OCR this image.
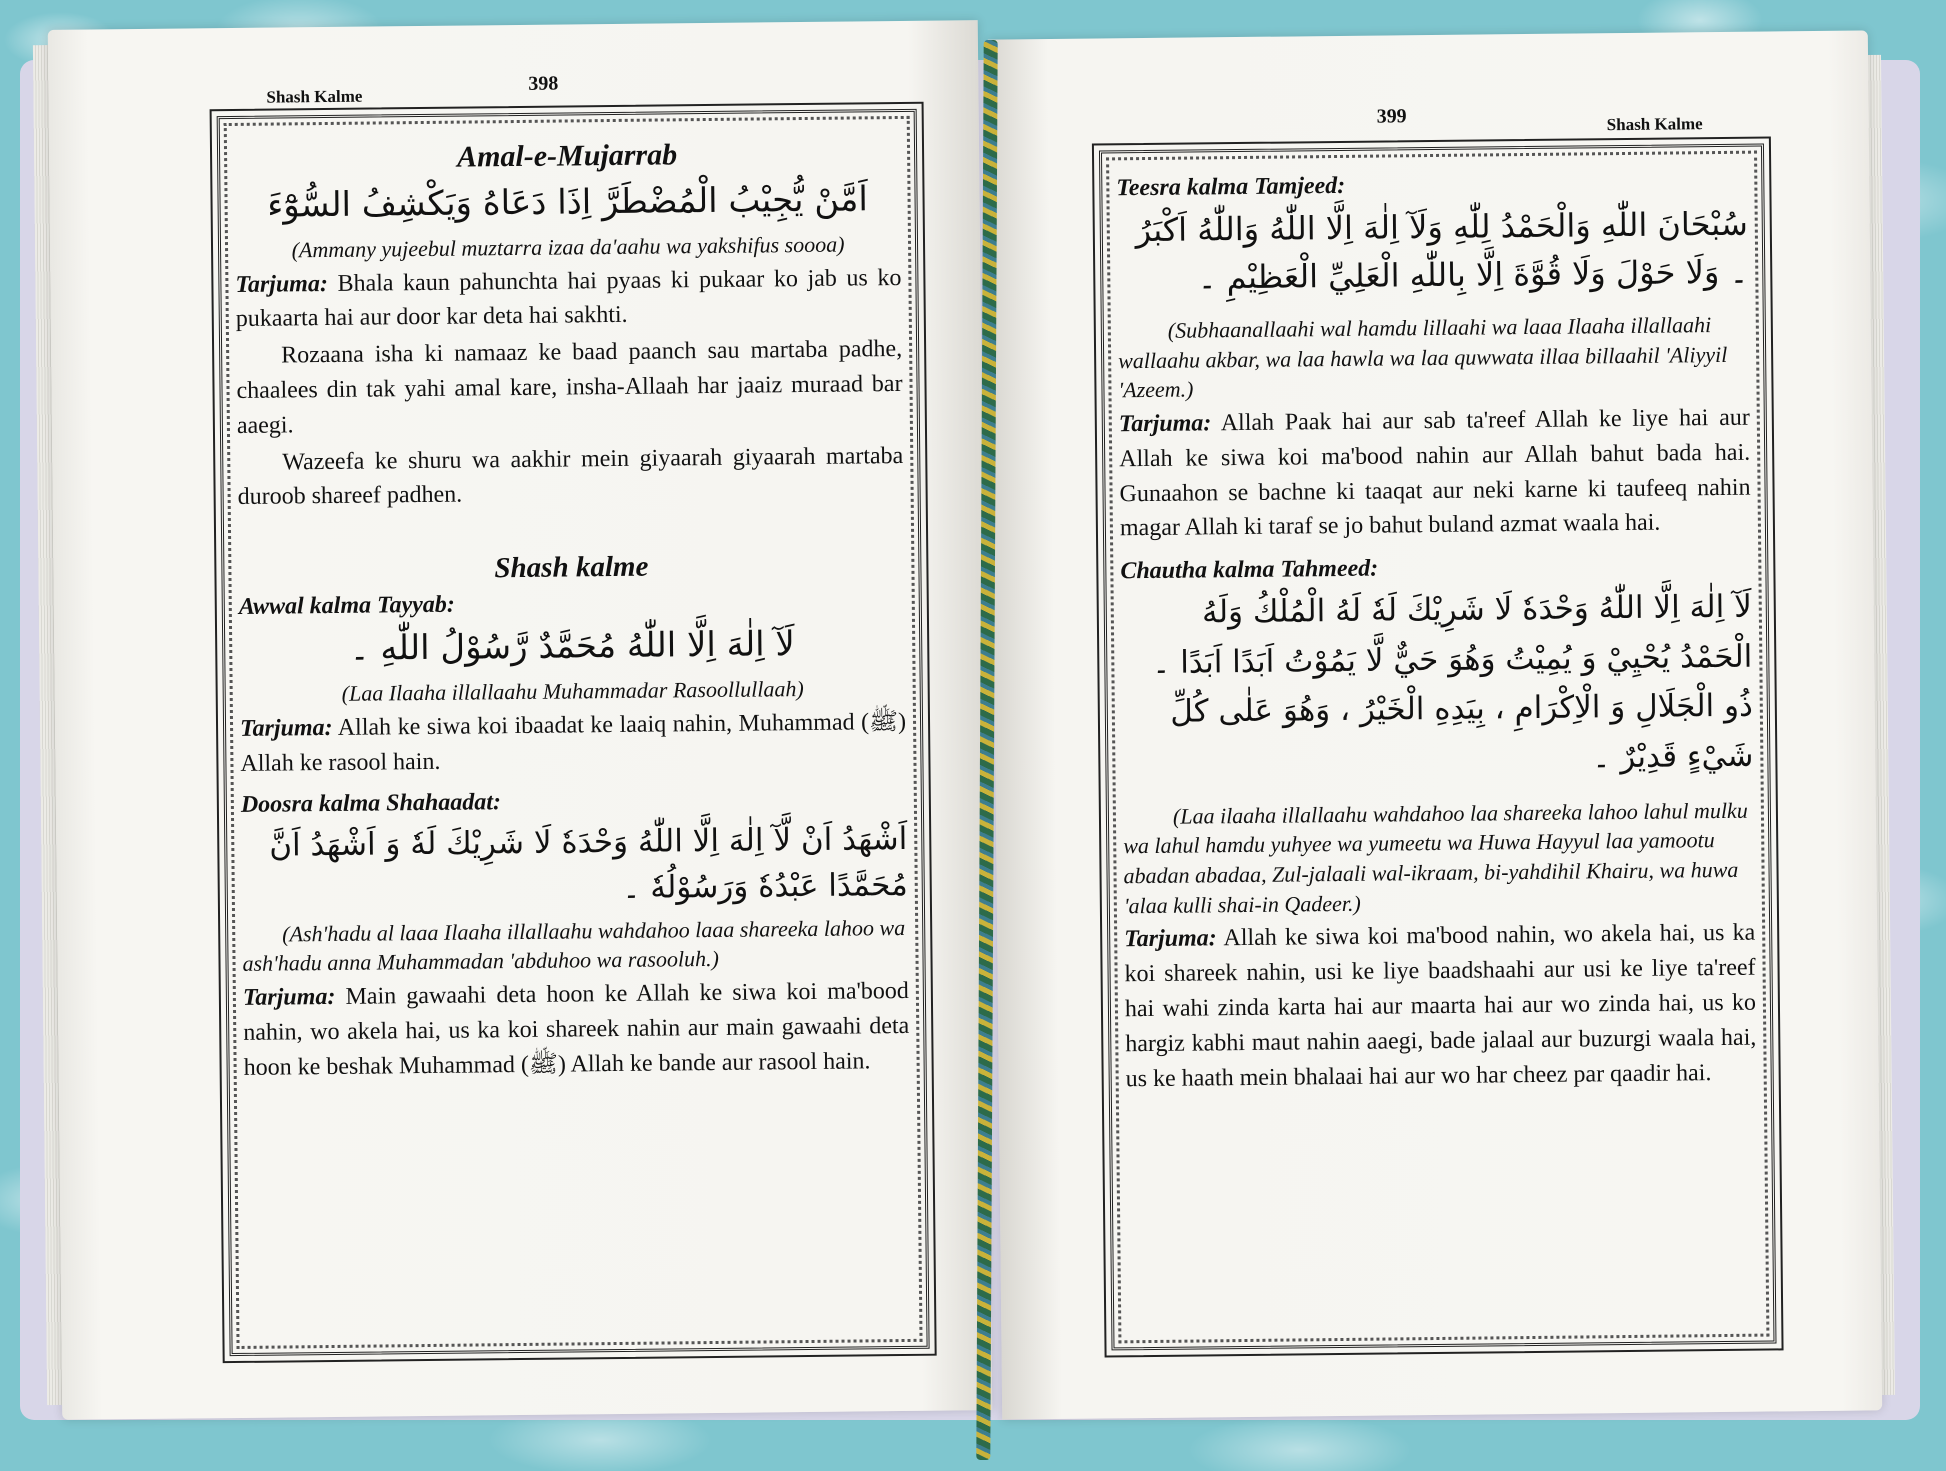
Shash Kalme
398

Amal-e-Mujarrab

اَمَّنْ يُّجِيْبُ الْمُضْطَرَّ اِذَا دَعَاهُ وَيَكْشِفُ السُّوْٓءَ

(Ammany yujeebul muztarra izaa da'aahu wa yakshifus soooa)

Tarjuma: Bhala kaun pahunchta hai pyaas ki pukaar ko jab us ko pukaarta hai aur door kar deta hai sakhti.

Rozaana isha ki namaaz ke baad paanch sau martaba padhe, chaalees din tak yahi amal kare, insha-Allaah har jaaiz muraad bar aaegi.

Wazeefa ke shuru wa aakhir mein giyaarah giyaarah martaba duroob shareef padhen.

Shash kalme

Awwal kalma Tayyab:

لَآ اِلٰهَ اِلَّا اللّٰهُ مُحَمَّدٌ رَّسُوْلُ اللّٰهِ ۔

(Laa Ilaaha illallaahu Muhammadar Rasoollullaah)

Tarjuma: Allah ke siwa koi ibaadat ke laaiq nahin, Muhammad (ﷺ) Allah ke rasool hain.

Doosra kalma Shahaadat:

اَشْهَدُ اَنْ لَّآ اِلٰهَ اِلَّا اللّٰهُ وَحْدَهٗ لَا شَرِيْكَ لَهٗ وَ اَشْهَدُ اَنَّ مُحَمَّدًا عَبْدُهٗ وَرَسُوْلُهٗ ۔

(Ash'hadu al laaa Ilaaha illallaahu wahdahoo laaa shareeka lahoo wa ash'hadu anna Muhammadan 'abduhoo wa rasooluh.)

Tarjuma: Main gawaahi deta hoon ke Allah ke siwa koi ma'bood nahin, wo akela hai, us ka koi shareek nahin aur main gawaahi deta hoon ke beshak Muhammad (ﷺ) Allah ke bande aur rasool hain.

399	Shash Kalme

Teesra kalma Tamjeed:

سُبْحَانَ اللّٰهِ وَالْحَمْدُ لِلّٰهِ وَلَآ اِلٰهَ اِلَّا اللّٰهُ وَاللّٰهُ اَكْبَرُ ۔ وَلَا حَوْلَ وَلَا قُوَّةَ اِلَّا بِاللّٰهِ الْعَلِيِّ الْعَظِيْمِ ۔

(Subhaanallaahi wal hamdu lillaahi wa laaa Ilaaha illallaahi wallaahu akbar, wa laa hawla wa laa quwwata illaa billaahil 'Aliyyil 'Azeem.)

Tarjuma: Allah Paak hai aur sab ta'reef Allah ke liye hai aur Allah ke siwa koi ma'bood nahin aur Allah bahut bada hai. Gunaahon se bachne ki taaqat aur neki karne ki taufeeq nahin magar Allah ki taraf se jo bahut buland azmat waala hai.

Chautha kalma Tahmeed:

لَآ اِلٰهَ اِلَّا اللّٰهُ وَحْدَهٗ لَا شَرِيْكَ لَهٗ لَهُ الْمُلْكُ وَلَهُ الْحَمْدُ يُحْيِيْ وَ يُمِيْتُ وَهُوَ حَيٌّ لَّا يَمُوْتُ اَبَدًا اَبَدًا ۔ ذُو الْجَلَالِ وَ الْاِكْرَامِ ، بِيَدِهِ الْخَيْرُ ، وَهُوَ عَلٰى كُلِّ شَيْءٍ قَدِيْرٌ ۔

(Laa ilaaha illallaahu wahdahoo laa shareeka lahoo lahul mulku wa lahul hamdu yuhyee wa yumeetu wa Huwa Hayyul laa yamootu abadan abadaa, Zul-jalaali wal-ikraam, bi-yahdihil Khairu, wa huwa 'alaa kulli shai-in Qadeer.)

Tarjuma: Allah ke siwa koi ma'bood nahin, wo akela hai, us ka koi shareek nahin, usi ke liye baadshaahi aur usi ke liye ta'reef hai wahi zinda karta hai aur maarta hai aur wo zinda hai, us ko hargiz kabhi maut nahin aaegi, bade jalaal aur buzurgi waala hai, us ke haath mein bhalaai hai aur wo har cheez par qaadir hai.
